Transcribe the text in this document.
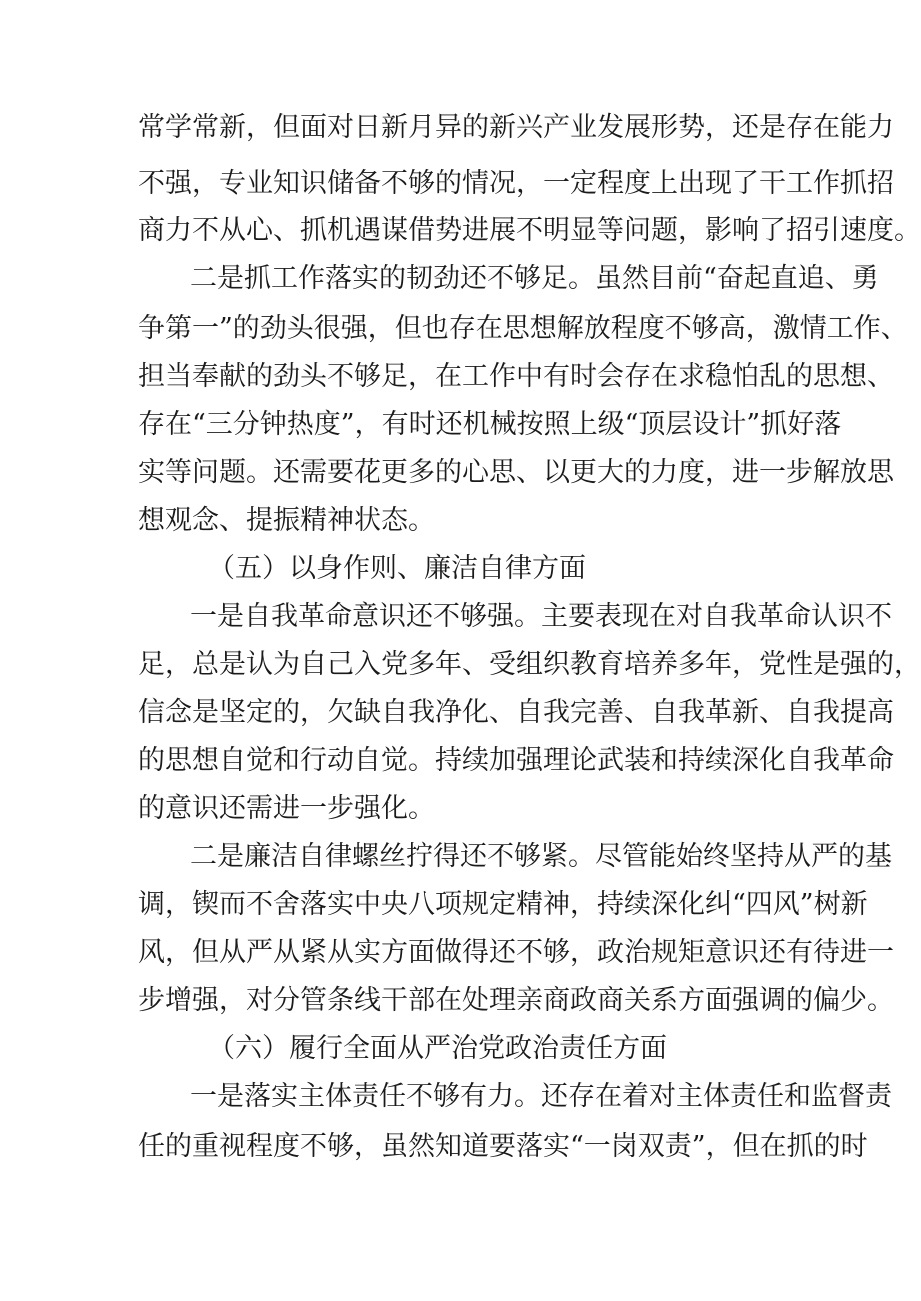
常学常新，但面对日新月异的新兴产业发展形势，还是存在能力
不强，专业知识储备不够的情况，一定程度上出现了干工作抓招
商力不从心、抓机遇谋借势进展不明显等问题，影响了招引速度。
二是抓工作落实的韧劲还不够足。虽然目前“奋起直追、勇
争第一”的劲头很强，但也存在思想解放程度不够高，激情工作、
担当奉献的劲头不够足，在工作中有时会存在求稳怕乱的思想、
存在“三分钟热度”，有时还机械按照上级“顶层设计”抓好落
实等问题。还需要花更多的心思、以更大的力度，进一步解放思
想观念、提振精神状态。
（五）以身作则、廉洁自律方面
一是自我革命意识还不够强。主要表现在对自我革命认识不
足，总是认为自己入党多年、受组织教育培养多年，党性是强的，
信念是坚定的，欠缺自我净化、自我完善、自我革新、自我提高
的思想自觉和行动自觉。持续加强理论武装和持续深化自我革命
的意识还需进一步强化。
二是廉洁自律螺丝拧得还不够紧。尽管能始终坚持从严的基
调，锲而不舍落实中央八项规定精神，持续深化纠“四风”树新
风，但从严从紧从实方面做得还不够，政治规矩意识还有待进一
步增强，对分管条线干部在处理亲商政商关系方面强调的偏少。
（六）履行全面从严治党政治责任方面
一是落实主体责任不够有力。还存在着对主体责任和监督责
任的重视程度不够，虽然知道要落实“一岗双责”，但在抓的时
